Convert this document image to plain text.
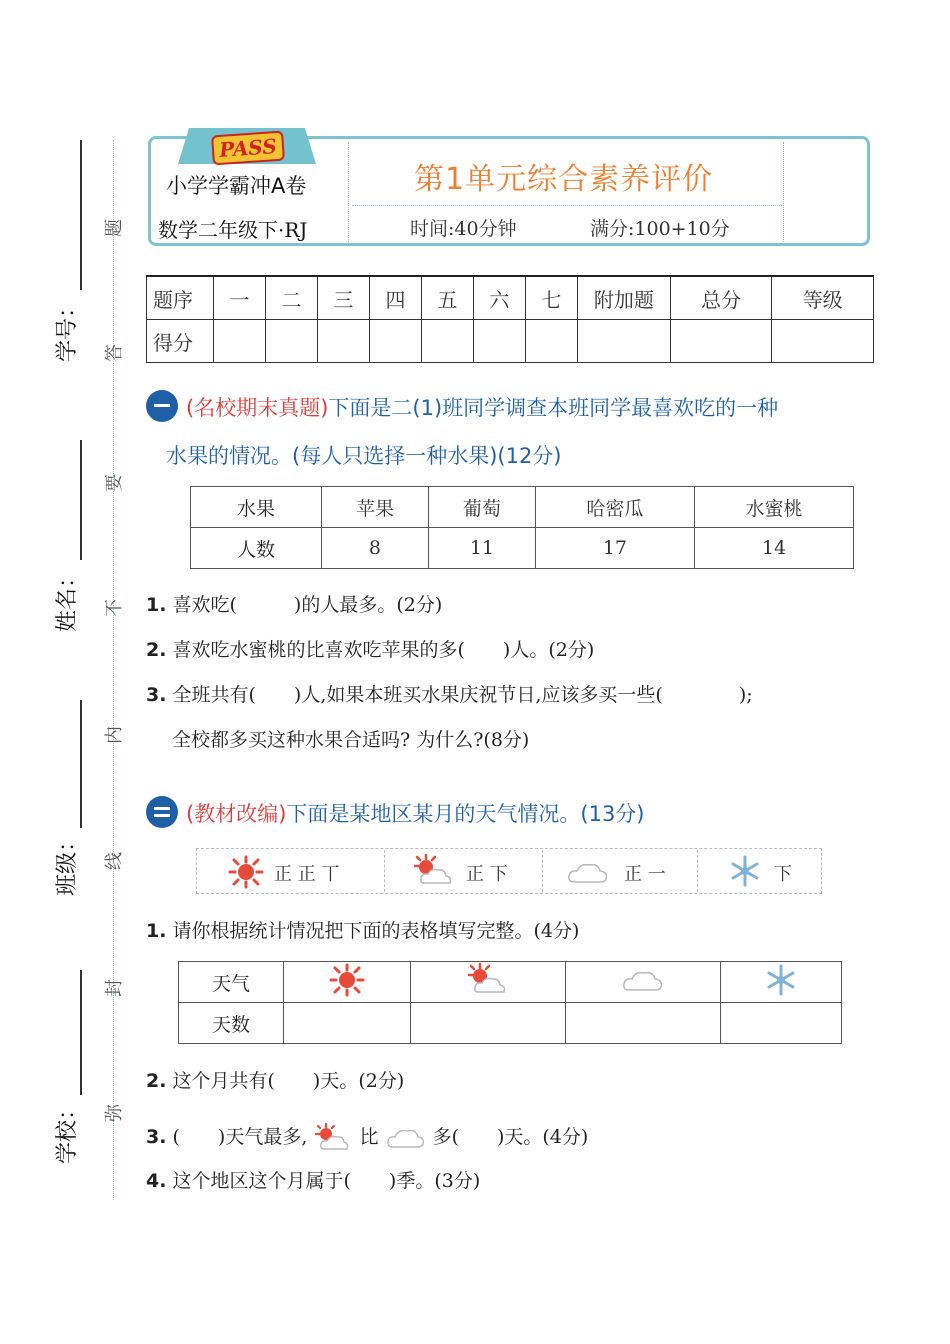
学号：
姓名：
班级：
学校：
题
答
要
不
内
线
封
弥
PASS
小学学霸冲A卷
数学二年级下·RJ
第1单元综合素养评价
时间:40分钟	满分:100+10分
题序	一	二	三	四	五	六	七	附加题	总分	等级
得分										
(名校期末真题)下面是二(1)班同学调查本班同学最喜欢吃的一种
水果的情况。(每人只选择一种水果)(12分)
水果	苹果	葡萄	哈密瓜	水蜜桃
人数	8	11	17	14
1. 喜欢吃(　　　)的人最多。(2分)
2. 喜欢吃水蜜桃的比喜欢吃苹果的多(　　)人。(2分)
3. 全班共有(　　)人,如果本班买水果庆祝节日,应该多买一些(　　　　);
全校都多买这种水果合适吗? 为什么?(8分)
(教材改编)下面是某地区某月的天气情况。(13分)
正 正 丅	正 下	正 一	下
1. 请你根据统计情况把下面的表格填写完整。(4分)
天气				
天数				
2. 这个月共有(　　)天。(2分)
3. (　　)天气最多,	比	多(　　)天。(4分)
4. 这个地区这个月属于(　　)季。(3分)
